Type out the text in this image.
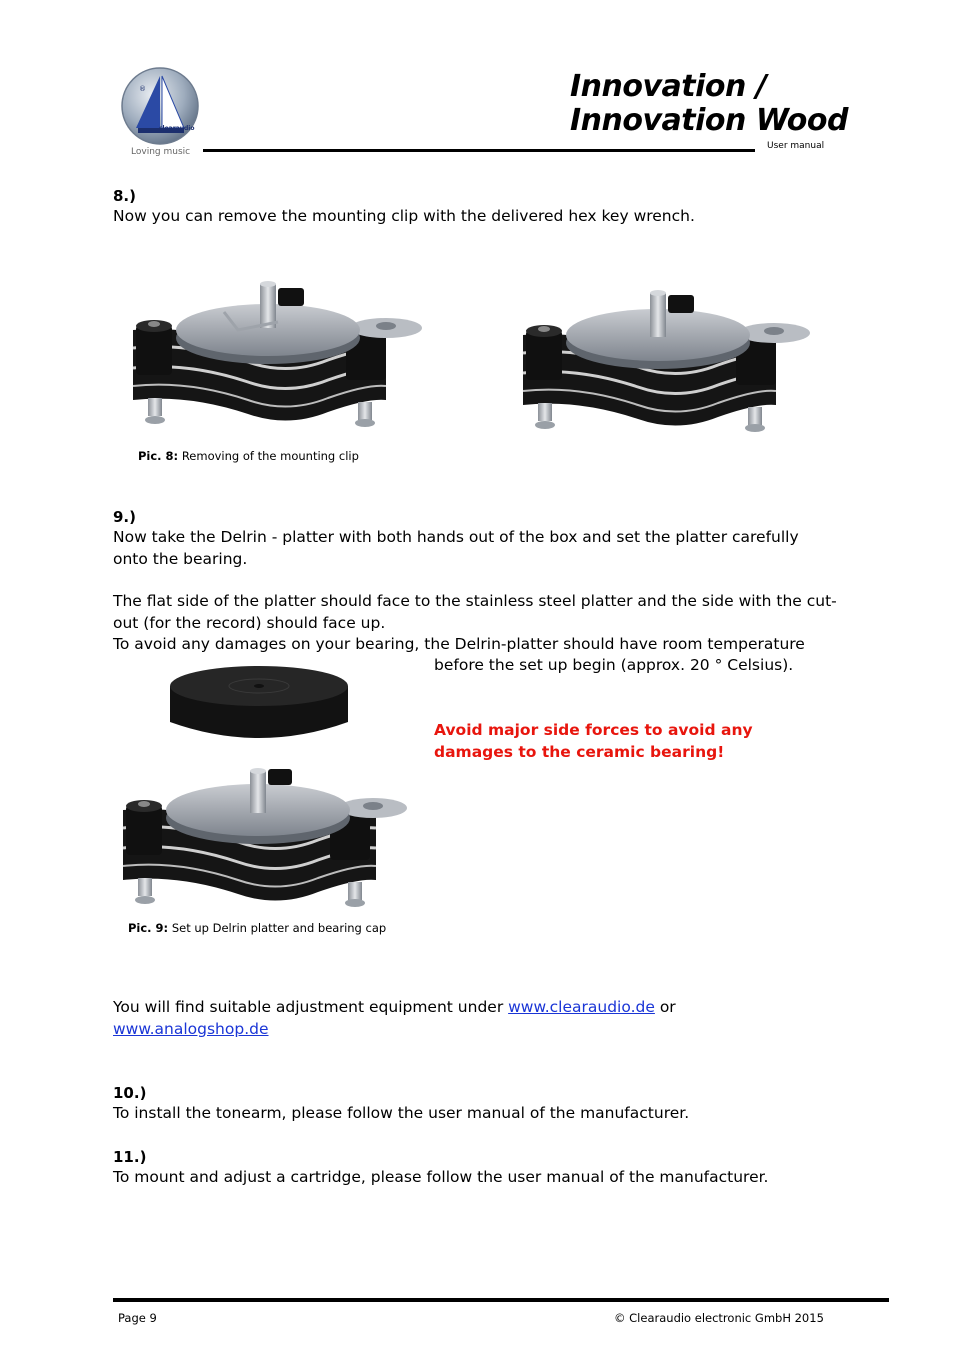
®
clearaudio
Loving music
Innovation /
Innovation Wood
User manual
8.)
Now you can remove the mounting clip with the delivered hex key wrench.
Pic. 8: Removing of the mounting clip
9.)
Now take the Delrin - platter with both hands out of the box and set the platter carefully
onto the bearing.
The flat side of the platter should face to the stainless steel platter and the side with the cut-
out (for the record) should face up.
To avoid any damages on your bearing, the Delrin-platter should have room temperature
before the set up begin (approx. 20 ° Celsius).
Avoid major side forces to avoid any
damages to the ceramic bearing!
Pic. 9: Set up Delrin platter and bearing cap
You will find suitable adjustment equipment under www.clearaudio.de or
www.analogshop.de
10.)
To install the tonearm, please follow the user manual of the manufacturer.
11.)
To mount and adjust a cartridge, please follow the user manual of the manufacturer.
Page 9	© Clearaudio electronic GmbH 2015
